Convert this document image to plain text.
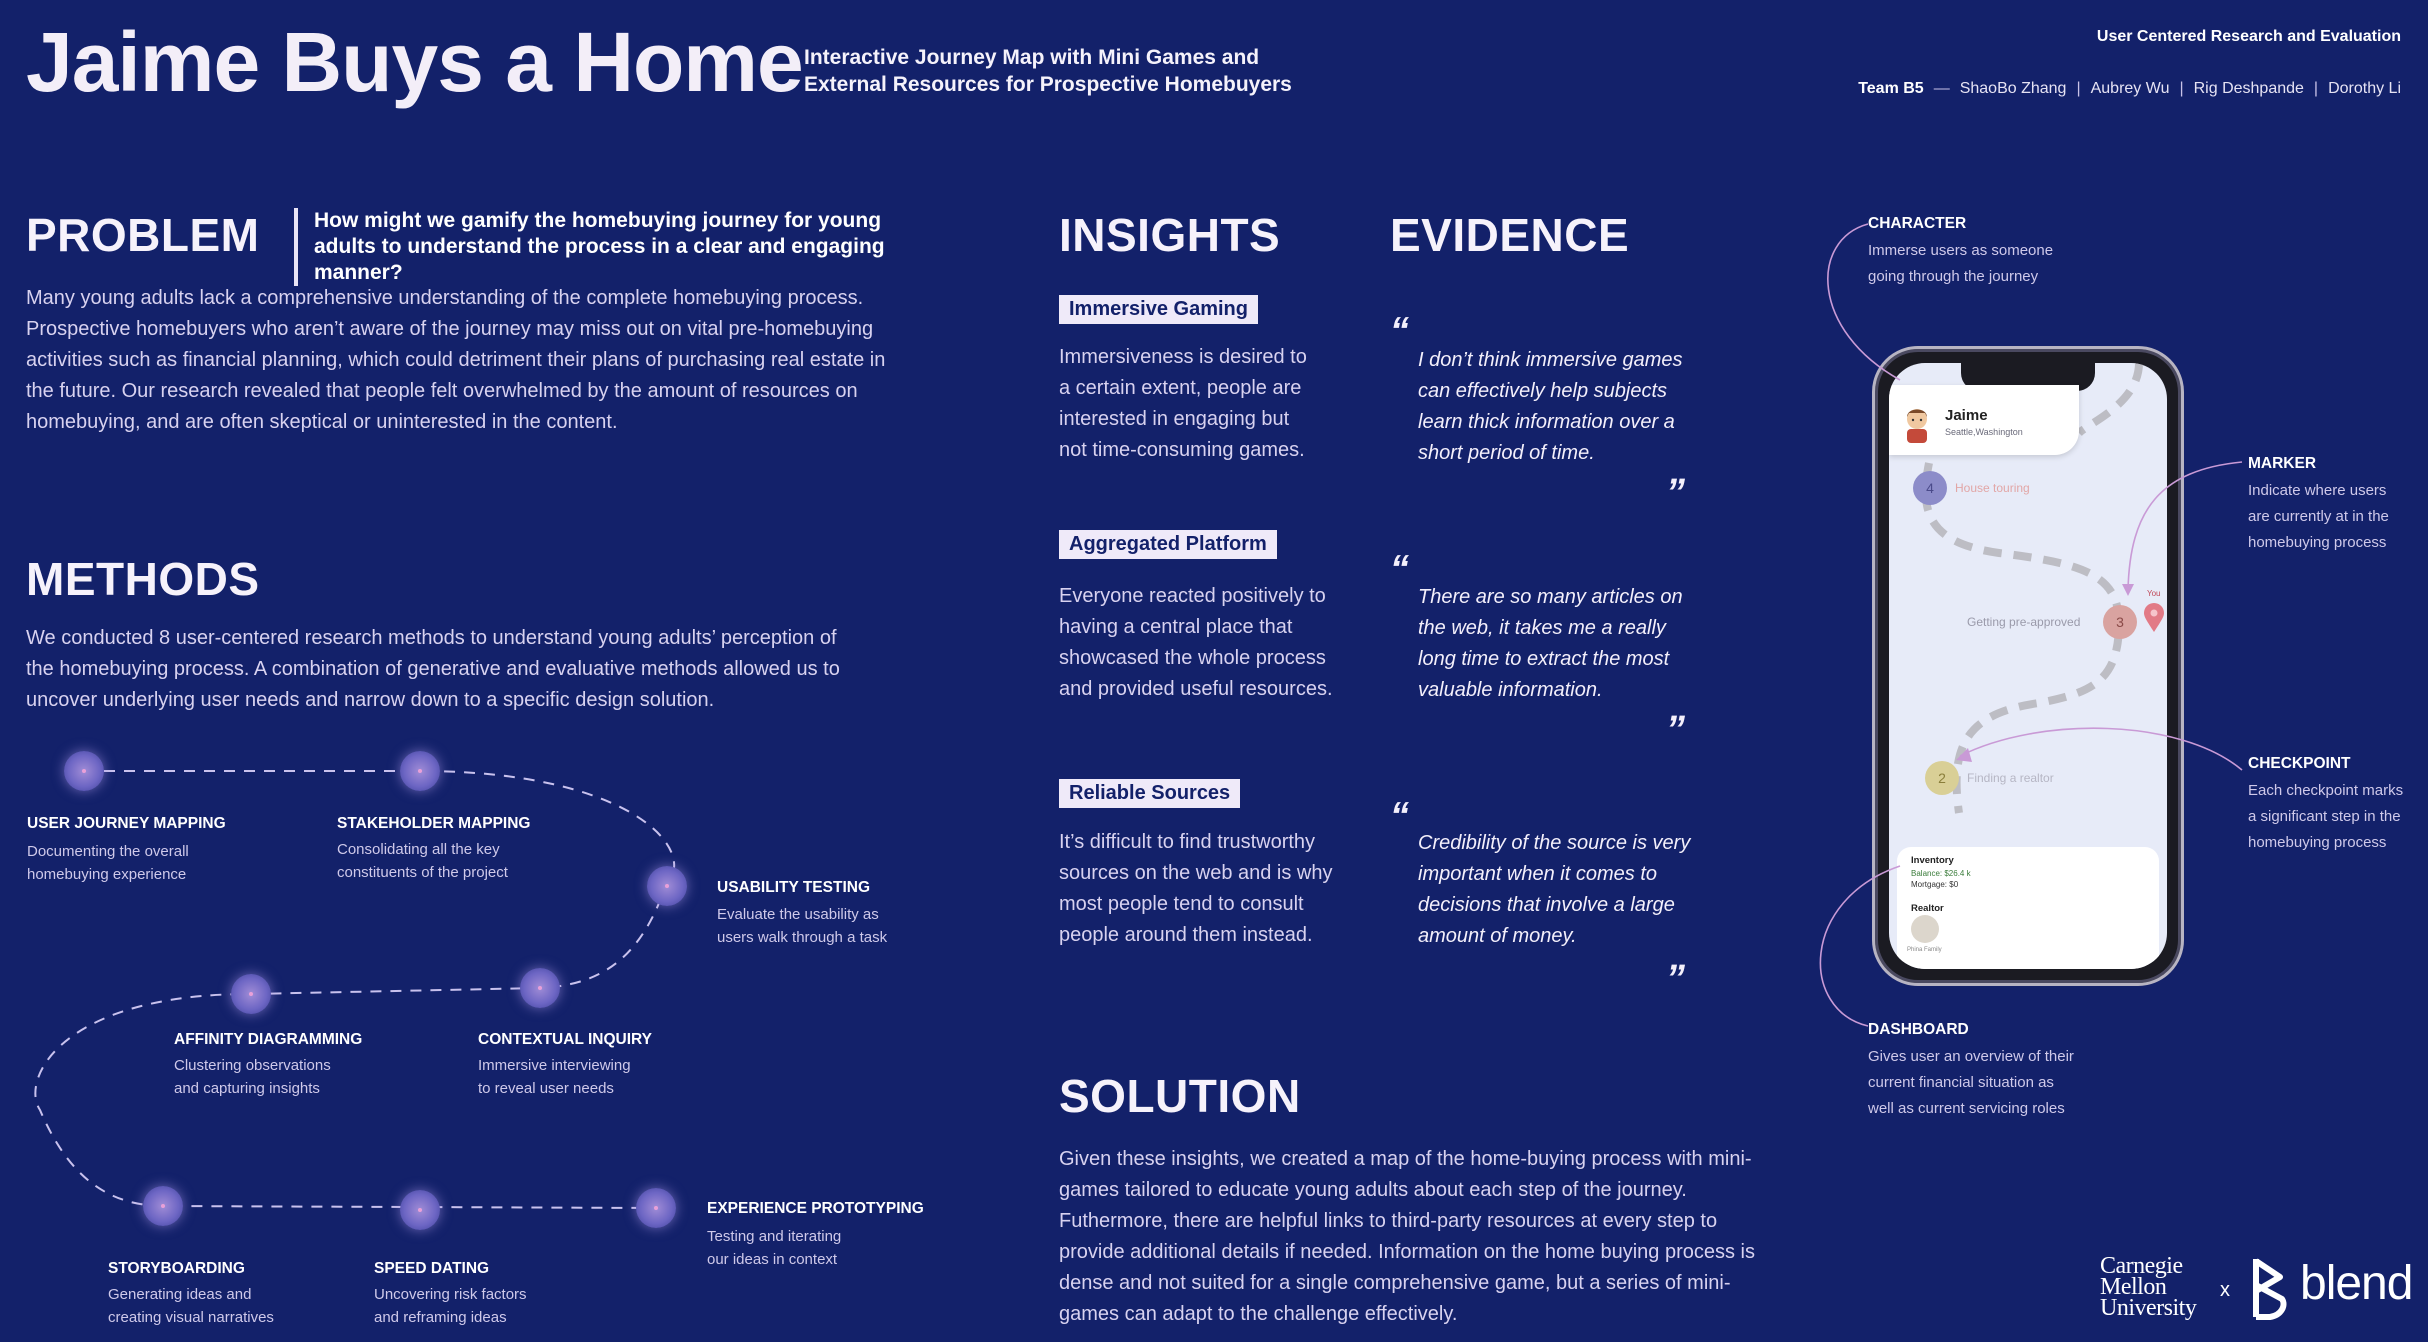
Jaime Buys a Home Interactive Journey Map with Mini Games and
External Resources for Prospective Homebuyers
User Centered Research and Evaluation
Team B5 — ShaoBo Zhang | Aubrey Wu | Rig Deshpande | Dorothy Li
PROBLEM	How might we gamify the homebuying journey for young adults to understand the process in a clear and engaging manner?
Many young adults lack a comprehensive understanding of the complete homebuying process. Prospective homebuyers who aren’t aware of the journey may miss out on vital pre-homebuying activities such as financial planning, which could detriment their plans of purchasing real estate in the future. Our research revealed that people felt overwhelmed by the amount of resources on homebuying, and are often skeptical or uninterested in the content.
METHODS
We conducted 8 user-centered research methods to understand young adults’ perception of the homebuying process. A combination of generative and evaluative methods allowed us to uncover underlying user needs and narrow down to a specific design solution.
USER JOURNEY MAPPING
Documenting the overall
homebuying experience
STAKEHOLDER MAPPING
Consolidating all the key
constituents of the project
USABILITY TESTING
Evaluate the usability as
users walk through a task
CONTEXTUAL INQUIRY
Immersive interviewing
to reveal user needs
AFFINITY DIAGRAMMING
Clustering observations
and capturing insights
STORYBOARDING
Generating ideas and
creating visual narratives
SPEED DATING
Uncovering risk factors
and reframing ideas
EXPERIENCE PROTOTYPING
Testing and iterating
our ideas in context
INSIGHTS
Immersive Gaming
Immersiveness is desired to
a certain extent, people are
interested in engaging but
not time-consuming games.
Aggregated Platform
Everyone reacted positively to
having a central place that
showcased the whole process
and provided useful resources.
Reliable Sources
It’s difficult to find trustworthy
sources on the web and is why
most people tend to consult
people around them instead.
EVIDENCE
“
I don’t think immersive games
can effectively help subjects
learn thick information over a
short period of time.
”
“
There are so many articles on
the web, it takes me a really
long time to extract the most
valuable information.
”
“
Credibility of the source is very
important when it comes to
decisions that involve a large
amount of money.
”
SOLUTION
Given these insights, we created a map of the home-buying process with mini-games tailored to educate young adults about each step of the journey. Futhermore, there are helpful links to third-party resources at every step to provide additional details if needed. Information on the home buying process is dense and not suited for a single comprehensive game, but a series of mini-games can adapt to the challenge effectively.
Jaime
Seattle,Washington
4	House touring
3
Getting pre-approved
You
2	Finding a realtor
Inventory
Balance: $26.4 k
Mortgage: $0
Realtor
Phina Family
CHARACTER
Immerse users as someone
going through the journey
MARKER
Indicate where users
are currently at in the
homebuying process
CHECKPOINT
Each checkpoint marks
a significant step in the
homebuying process
DASHBOARD
Gives user an overview of their
current financial situation as
well as current servicing roles
Carnegie
Mellon
University
x blend
